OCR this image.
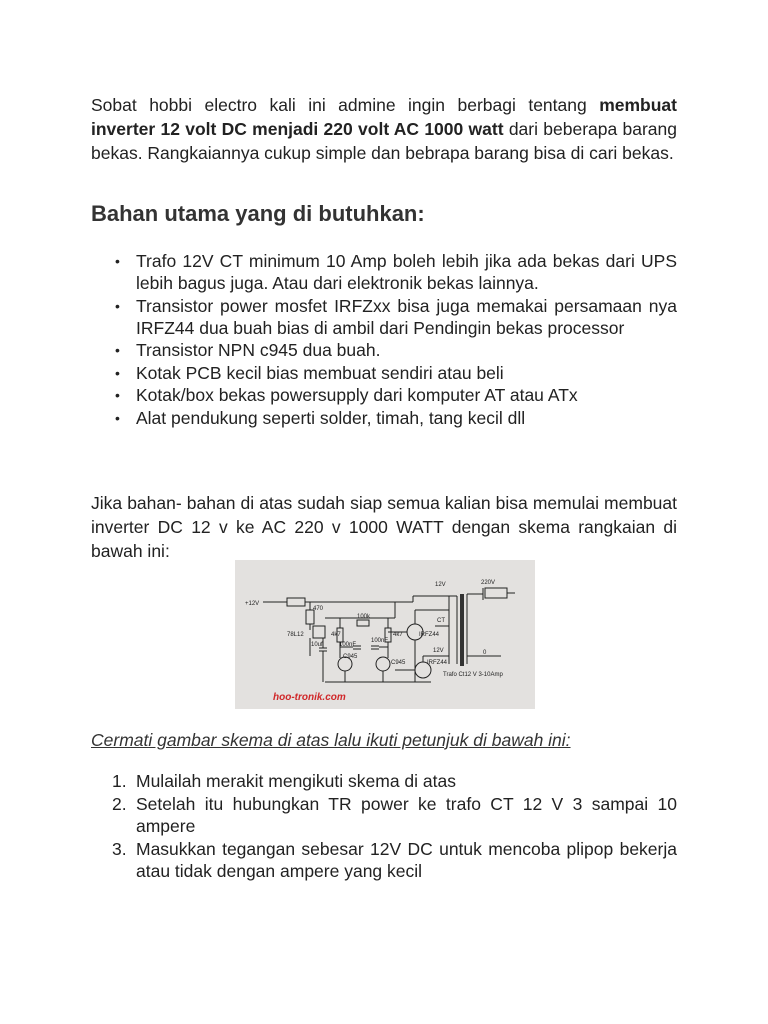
Sobat hobbi electro kali ini admine ingin berbagi tentang membuat inverter 12 volt DC menjadi 220 volt AC 1000 watt dari beberapa barang bekas. Rangkaiannya cukup simple dan bebrapa barang bisa di cari bekas.

Bahan utama yang di butuhkan:
• Trafo 12V CT minimum 10 Amp boleh lebih jika ada bekas dari UPS lebih bagus juga. Atau dari elektronik bekas lainnya.
• Transistor power mosfet IRFZxx bisa juga memakai persamaan nya IRFZ44 dua buah bias di ambil dari Pendingin bekas processor
• Transistor NPN c945 dua buah.
• Kotak PCB kecil bias membuat sendiri atau beli
• Kotak/box bekas powersupply dari komputer AT atau ATx
• Alat pendukung seperti solder, timah, tang kecil dll

Jika bahan- bahan di atas sudah siap semua kalian bisa memulai membuat inverter DC 12 v ke AC 220 v 1000 WATT dengan skema rangkaian di bawah ini:

+12V
470
12V	220V
CT
100k
78L12	4k7	4k7	IRFZ44
10uf	100nF
100nF
C945
C945
12V	0
IRFZ44
Trafo Ct12 V 3-10Amp
hoo-tronik.com
Cermati gambar skema di atas lalu ikuti petunjuk di bawah ini:
1. Mulailah merakit mengikuti skema di atas
2. Setelah itu hubungkan TR power ke trafo CT 12 V 3 sampai 10 ampere
3. Masukkan tegangan sebesar 12V DC untuk mencoba plipop bekerja atau tidak dengan ampere yang kecil
